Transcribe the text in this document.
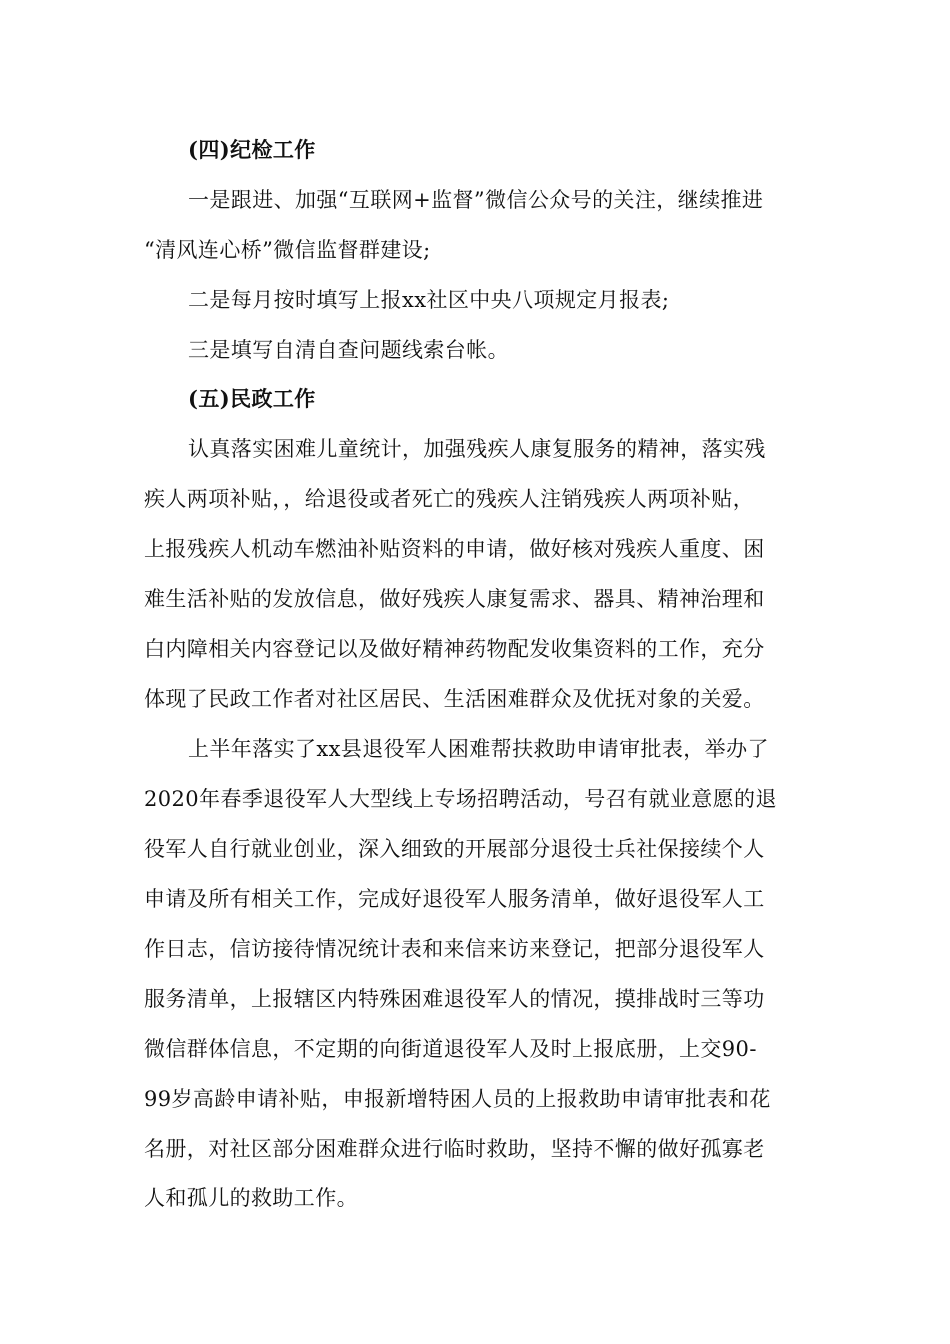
(四)纪检工作
一是跟进、加强“互联网+监督”微信公众号的关注，继续推进
“清风连心桥”微信监督群建设;
二是每月按时填写上报xx社区中央八项规定月报表;
三是填写自清自查问题线索台帐。
(五)民政工作
认真落实困难儿童统计，加强残疾人康复服务的精神，落实残
疾人两项补贴，，给退役或者死亡的残疾人注销残疾人两项补贴，
上报残疾人机动车燃油补贴资料的申请，做好核对残疾人重度、困
难生活补贴的发放信息，做好残疾人康复需求、器具、精神治理和
白内障相关内容登记以及做好精神药物配发收集资料的工作，充分
体现了民政工作者对社区居民、生活困难群众及优抚对象的关爱。
上半年落实了xx县退役军人困难帮扶救助申请审批表，举办了
2020年春季退役军人大型线上专场招聘活动，号召有就业意愿的退
役军人自行就业创业，深入细致的开展部分退役士兵社保接续个人
申请及所有相关工作，完成好退役军人服务清单，做好退役军人工
作日志，信访接待情况统计表和来信来访来登记，把部分退役军人
服务清单，上报辖区内特殊困难退役军人的情况，摸排战时三等功
微信群体信息，不定期的向街道退役军人及时上报底册，上交90-
99岁高龄申请补贴，申报新增特困人员的上报救助申请审批表和花
名册，对社区部分困难群众进行临时救助，坚持不懈的做好孤寡老
人和孤儿的救助工作。
